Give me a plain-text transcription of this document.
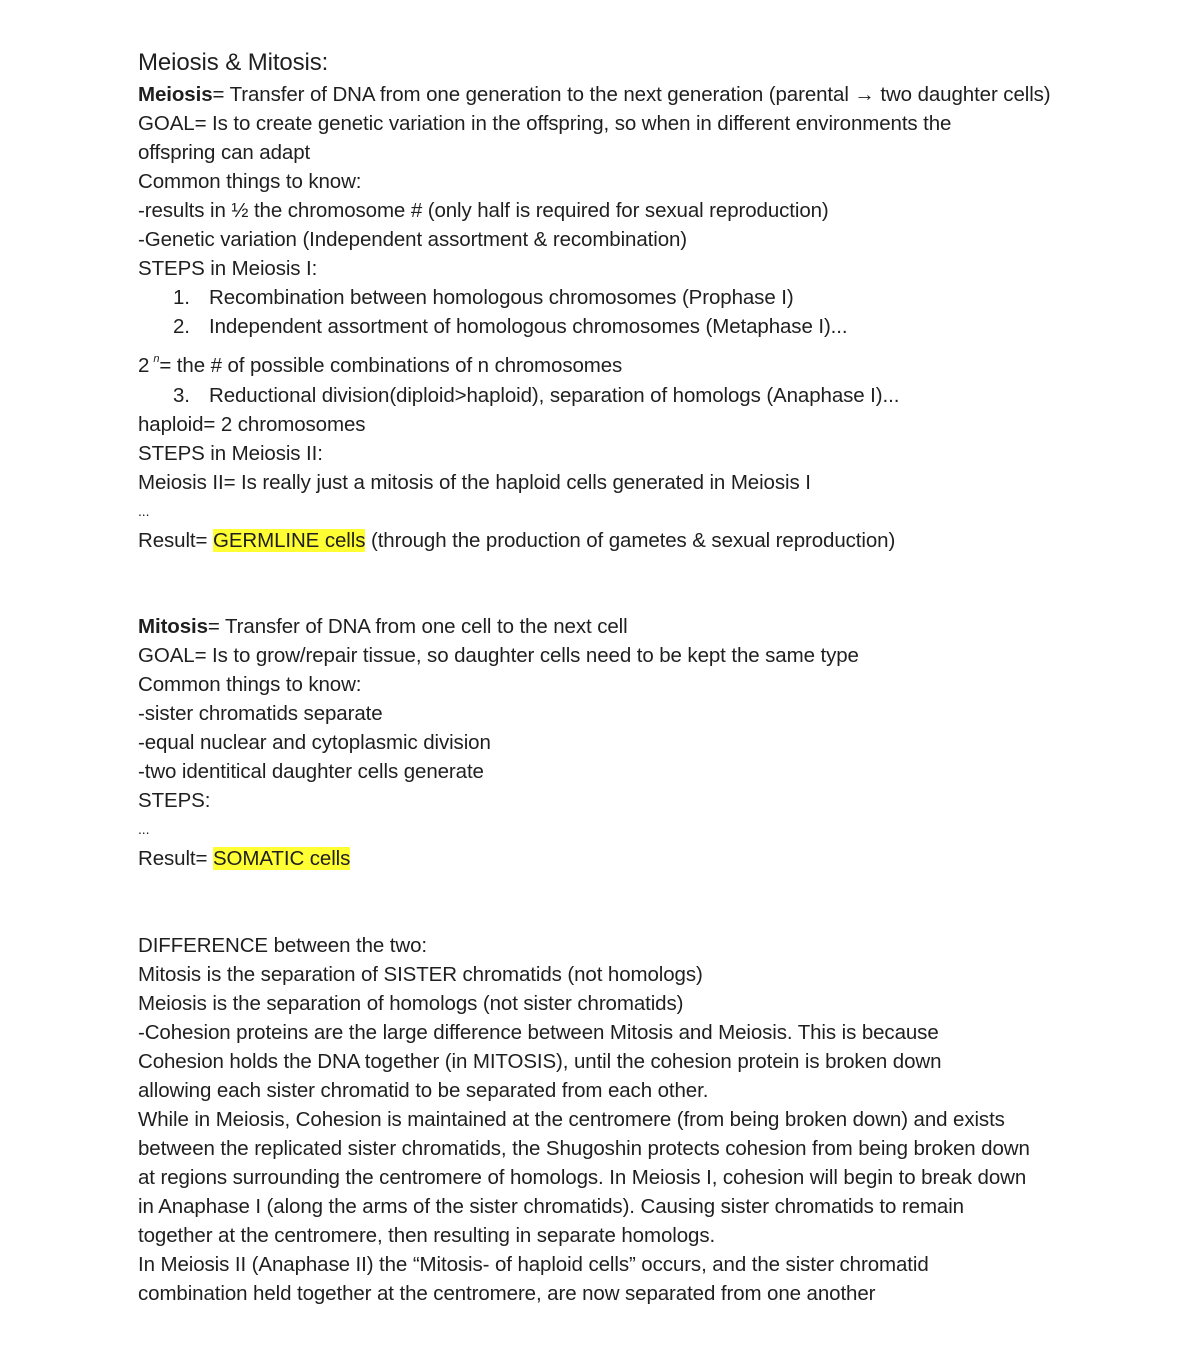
Meiosis & Mitosis:
Meiosis= Transfer of DNA from one generation to the next generation (parental → two daughter cells)
GOAL= Is to create genetic variation in the offspring, so when in different environments the offspring can adapt
Common things to know:
-results in ½ the chromosome # (only half is required for sexual reproduction)
-Genetic variation (Independent assortment & recombination)
STEPS in Meiosis I:
1. Recombination between homologous chromosomes (Prophase I)
2. Independent assortment of homologous chromosomes (Metaphase I)...
2 $^n$= the # of possible combinations of n chromosomes
3. Reductional division(diploid>haploid), separation of homologs (Anaphase I)...
haploid= 2 chromosomes
STEPS in Meiosis II:
Meiosis II= Is really just a mitosis of the haploid cells generated in Meiosis I
...
Result= GERMLINE cells (through the production of gametes & sexual reproduction)
Mitosis= Transfer of DNA from one cell to the next cell
GOAL= Is to grow/repair tissue, so daughter cells need to be kept the same type
Common things to know:
-sister chromatids separate
-equal nuclear and cytoplasmic division
-two identitical daughter cells generate
STEPS:
...
Result= SOMATIC cells
DIFFERENCE between the two:
Mitosis is the separation of SISTER chromatids (not homologs)
Meiosis is the separation of homologs (not sister chromatids)
-Cohesion proteins are the large difference between Mitosis and Meiosis. This is because Cohesion holds the DNA together (in MITOSIS), until the cohesion protein is broken down allowing each sister chromatid to be separated from each other.
While in Meiosis, Cohesion is maintained at the centromere (from being broken down) and exists between the replicated sister chromatids, the Shugoshin protects cohesion from being broken down at regions surrounding the centromere of homologs. In Meiosis I, cohesion will begin to break down in Anaphase I (along the arms of the sister chromatids). Causing sister chromatids to remain together at the centromere, then resulting in separate homologs.
In Meiosis II (Anaphase II) the “Mitosis- of haploid cells” occurs, and the sister chromatid combination held together at the centromere, are now separated from one another
